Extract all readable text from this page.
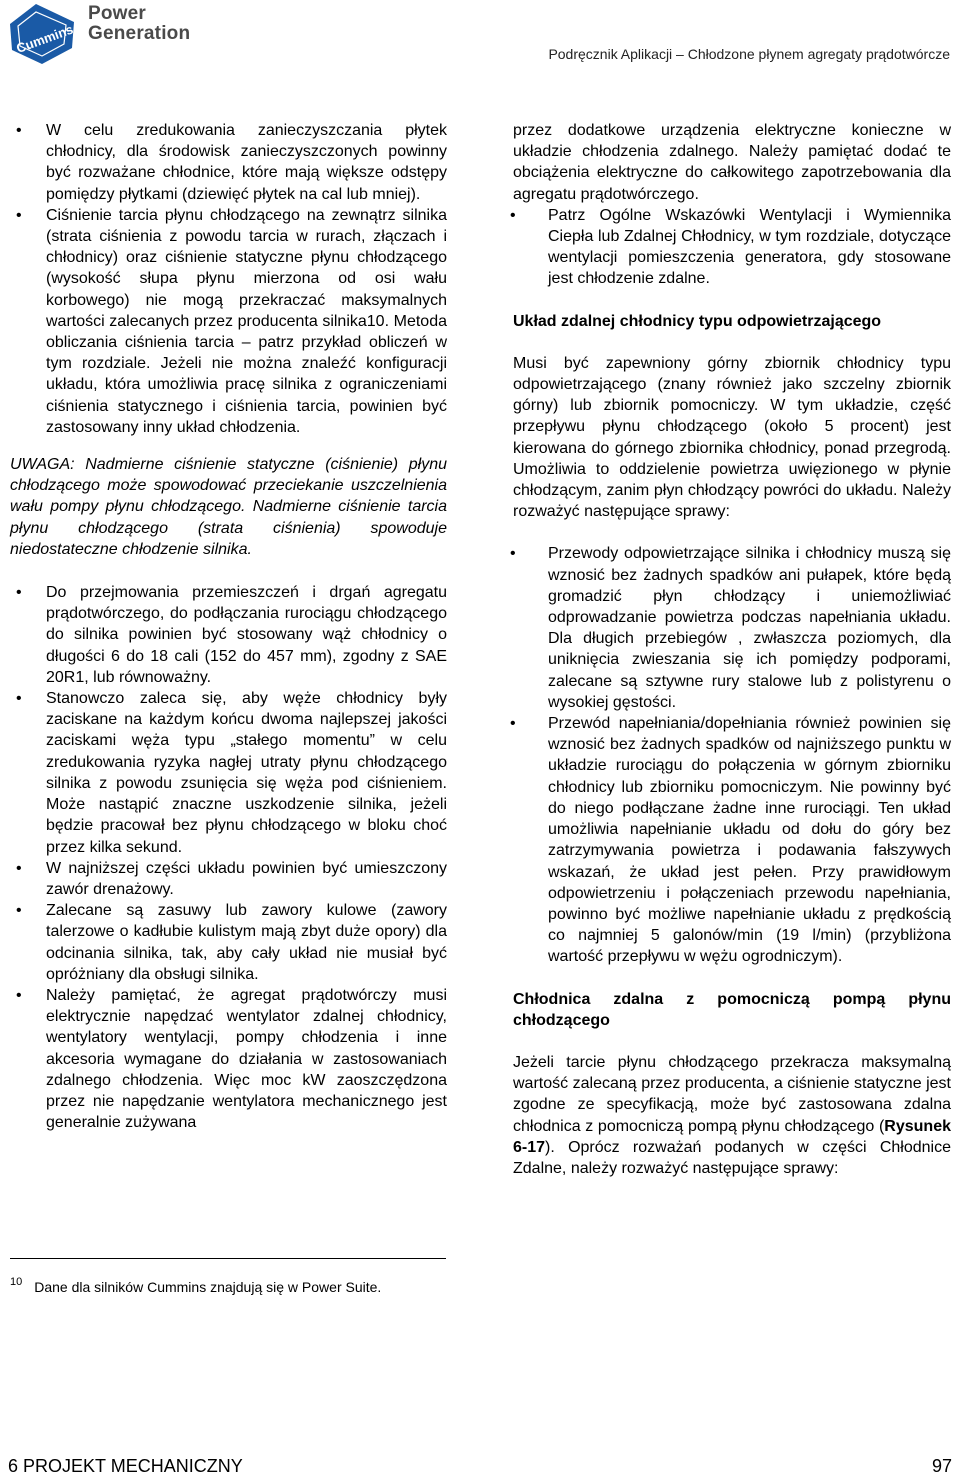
Cummins
Power
Generation
Podręcznik Aplikacji – Chłodzone płynem agregaty prądotwórcze
• W celu zredukowania zanieczyszczania płytek chłodnicy, dla środowisk zanieczyszczonych powinny być rozważane chłodnice, które mają większe odstępy pomiędzy płytkami (dziewięć płytek na cal lub mniej).
• Ciśnienie tarcia płynu chłodzącego na zewnątrz silnika (strata ciśnienia z powodu tarcia w rurach, złączach i chłodnicy) oraz ciśnienie statyczne płynu chłodzącego (wysokość słupa płynu mierzona od osi wału korbowego) nie mogą przekraczać maksymalnych wartości zalecanych przez producenta silnika10. Metoda obliczania ciśnienia tarcia – patrz przykład obliczeń w tym rozdziale. Jeżeli nie można znaleźć konfiguracji układu, która umożliwia pracę silnika z ograniczeniami ciśnienia statycznego i ciśnienia tarcia, powinien być zastosowany inny układ chłodzenia.

UWAGA: Nadmierne ciśnienie statyczne (ciśnienie) płynu chłodzącego może spowodować przeciekanie uszczelnienia wału pompy płynu chłodzącego. Nadmierne ciśnienie tarcia płynu chłodzącego (strata ciśnienia) spowoduje niedostateczne chłodzenie silnika.

• Do przejmowania przemieszczeń i drgań agregatu prądotwórczego, do podłączania rurociągu chłodzącego do silnika powinien być stosowany wąż chłodnicy o długości 6 do 18 cali (152 do 457 mm), zgodny z SAE 20R1, lub równoważny.
• Stanowczo zaleca się, aby węże chłodnicy były zaciskane na każdym końcu dwoma najlepszej jakości zaciskami węża typu „stałego momentu” w celu zredukowania ryzyka nagłej utraty płynu chłodzącego silnika z powodu zsunięcia się węża pod ciśnieniem. Może nastąpić znaczne uszkodzenie silnika, jeżeli będzie pracował bez płynu chłodzącego w bloku choć przez kilka sekund.
• W najniższej części układu powinien być umieszczony zawór drenażowy.
• Zalecane są zasuwy lub zawory kulowe (zawory talerzowe o kadłubie kulistym mają zbyt duże opory) dla odcinania silnika, tak, aby cały układ nie musiał być opróżniany dla obsługi silnika.
• Należy pamiętać, że agregat prądotwórczy musi elektrycznie napędzać wentylator zdalnej chłodnicy, wentylatory wentylacji, pompy chłodzenia i inne akcesoria wymagane do działania w zastosowaniach zdalnego chłodzenia. Więc moc kW zaoszczędzona przez nie napędzanie wentylatora mechanicznego jest generalnie zużywana
$^{10}$ Dane dla silników Cummins znajdują się w Power Suite.

przez dodatkowe urządzenia elektryczne konieczne w układzie chłodzenia zdalnego. Należy pamiętać dodać te obciążenia elektryczne do całkowitego zapotrzebowania dla agregatu prądotwórczego.

• Patrz Ogólne Wskazówki Wentylacji i Wymiennika Ciepła lub Zdalnej Chłodnicy, w tym rozdziale, dotyczące wentylacji pomieszczenia generatora, gdy stosowane jest chłodzenie zdalne.

Układ zdalnej chłodnicy typu odpowietrzającego

Musi być zapewniony górny zbiornik chłodnicy typu odpowietrzającego (znany również jako szczelny zbiornik górny) lub zbiornik pomocniczy. W tym układzie, część przepływu płynu chłodzącego (około 5 procent) jest kierowana do górnego zbiornika chłodnicy, ponad przegrodą. Umożliwia to oddzielenie powietrza uwięzionego w płynie chłodzącym, zanim płyn chłodzący powróci do układu. Należy rozważyć następujące sprawy:

• Przewody odpowietrzające silnika i chłodnicy muszą się wznosić bez żadnych spadków ani pułapek, które będą gromadzić płyn chłodzący i uniemożliwiać odprowadzanie powietrza podczas napełniania układu. Dla długich przebiegów , zwłaszcza poziomych, dla uniknięcia zwieszania się ich pomiędzy podporami, zalecane są sztywne rury stalowe lub z polistyrenu o wysokiej gęstości.
• Przewód napełniania/dopełniania również powinien się wznosić bez żadnych spadków od najniższego punktu w układzie rurociągu do połączenia w górnym zbiorniku chłodnicy lub zbiorniku pomocniczym. Nie powinny być do niego podłączane żadne inne rurociągi. Ten układ umożliwia napełnianie układu od dołu do góry bez zatrzymywania powietrza i podawania fałszywych wskazań, że układ jest pełen. Przy prawidłowym odpowietrzeniu i połączeniach przewodu napełniania, powinno być możliwe napełnianie układu z prędkością co najmniej 5 galonów/min (19 l/min) (przybliżona wartość przepływu w wężu ogrodniczym).

Chłodnica zdalna z pomocniczą pompą płynu chłodzącego

Jeżeli tarcie płynu chłodzącego przekracza maksymalną wartość zalecaną przez producenta, a ciśnienie statyczne jest zgodne ze specyfikacją, może być zastosowana zdalna chłodnica z pomocniczą pompą płynu chłodzącego (Rysunek 6-17). Oprócz rozważań podanych w części Chłodnice Zdalne, należy rozważyć następujące sprawy:

6 PROJEKT MECHANICZNY	97
